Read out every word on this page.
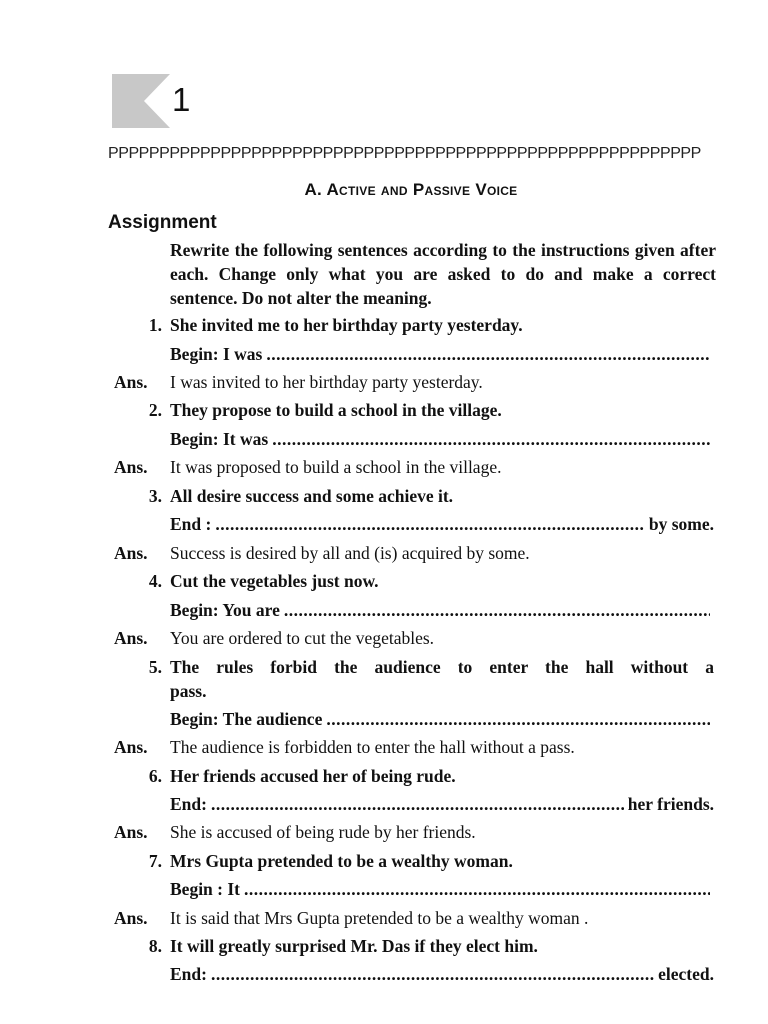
1
PPPPPPPPPPPPPPPPPPPPPPPPPPPPPPPPPPPPPPPPPPPPPPPPPPPPPPPPPP
A. Active and Passive Voice
Assignment
Rewrite the following sentences according to the instructions given after each. Change only what you are asked to do and make a correct sentence. Do not alter the meaning.
1. She invited me to her birthday party yesterday.
Begin: I was
.....
Ans. I was invited to her birthday party yesterday.
2. They propose to build a school in the village.
Begin: It was
.....
Ans. It was proposed to build a school in the village.
3. All desire success and some achieve it.
End : .....	by some.
Ans. Success is desired by all and (is) acquired by some.
4. Cut the vegetables just now.
Begin: You are
.....
Ans. You are ordered to cut the vegetables.
5. The rules forbid the audience to enter the hall without a
pass.
Begin: The audience
.....
Ans. The audience is forbidden to enter the hall without a pass.
6. Her friends accused her of being rude.
End: .....	her friends.
Ans. She is accused of being rude by her friends.
7. Mrs Gupta pretended to be a wealthy woman.
Begin : It
.....
Ans. It is said that Mrs Gupta pretended to be a wealthy woman .
8. It will greatly surprised Mr. Das if they elect him.
End: .....	elected.
